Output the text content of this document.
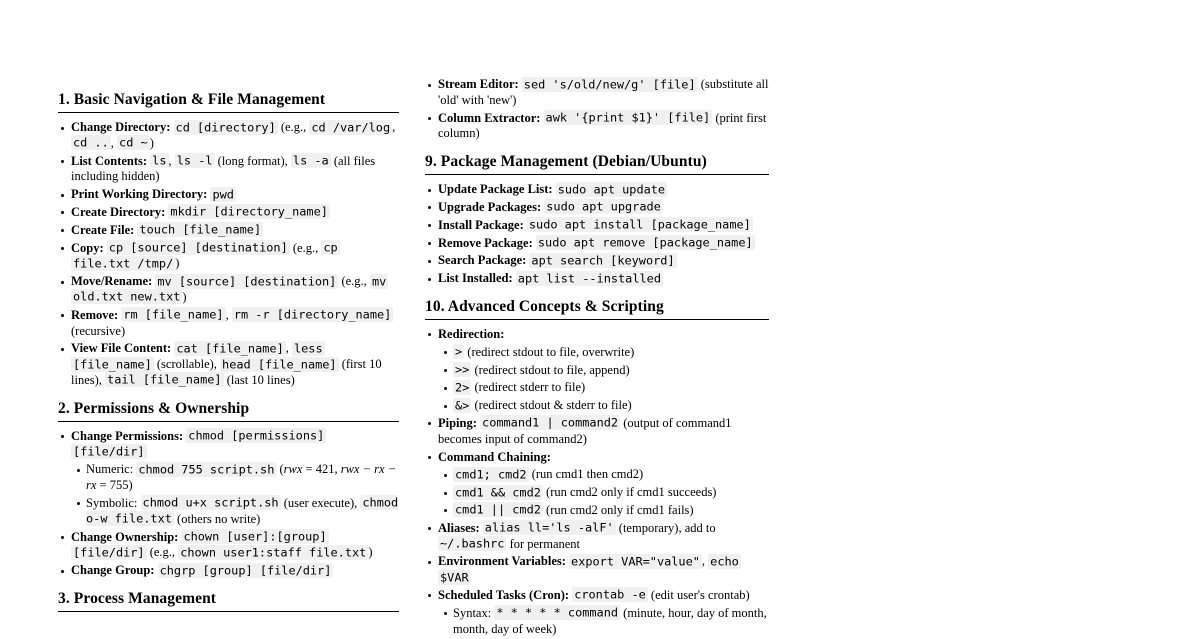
1. Basic Navigation & File Management
Change Directory: cd [directory] (e.g., cd /var/log , cd .. , cd ~ )
List Contents: ls , ls -l (long format), ls -a (all files including hidden)
Print Working Directory: pwd
Create Directory: mkdir [directory_name]
Create File: touch [file_name]
Copy: cp [source] [destination] (e.g., cp file.txt /tmp/ )
Move/Rename: mv [source] [destination] (e.g., mv old.txt new.txt )
Remove: rm [file_name] , rm -r [directory_name] (recursive)
View File Content: cat [file_name] , less [file_name] (scrollable), head [file_name] (first 10 lines), tail [file_name] (last 10 lines)
2. Permissions & Ownership
Change Permissions: chmod [permissions] [file/dir]
Numeric: chmod 755 script.sh (rwx = 421, rwx − rx − rx = 755)
Symbolic: chmod u+x script.sh (user execute), chmod o-w file.txt (others no write)
Change Ownership: chown [user]:[group] [file/dir] (e.g., chown user1:staff file.txt )
Change Group: chgrp [group] [file/dir]
3. Process Management
Stream Editor: sed 's/old/new/g' [file] (substitute all 'old' with 'new')
Column Extractor: awk '{print $1}' [file] (print first column)
9. Package Management (Debian/Ubuntu)
Update Package List: sudo apt update
Upgrade Packages: sudo apt upgrade
Install Package: sudo apt install [package_name]
Remove Package: sudo apt remove [package_name]
Search Package: apt search [keyword]
List Installed: apt list --installed
10. Advanced Concepts & Scripting
Redirection:
> (redirect stdout to file, overwrite)
>> (redirect stdout to file, append)
2> (redirect stderr to file)
&> (redirect stdout & stderr to file)
Piping: command1 | command2 (output of command1 becomes input of command2)
Command Chaining:
cmd1; cmd2 (run cmd1 then cmd2)
cmd1 && cmd2 (run cmd2 only if cmd1 succeeds)
cmd1 || cmd2 (run cmd2 only if cmd1 fails)
Aliases: alias ll='ls -alF' (temporary), add to ~/.bashrc for permanent
Environment Variables: export VAR="value" , echo $VAR
Scheduled Tasks (Cron): crontab -e (edit user's crontab)
Syntax: * * * * * command (minute, hour, day of month, month, day of week)
